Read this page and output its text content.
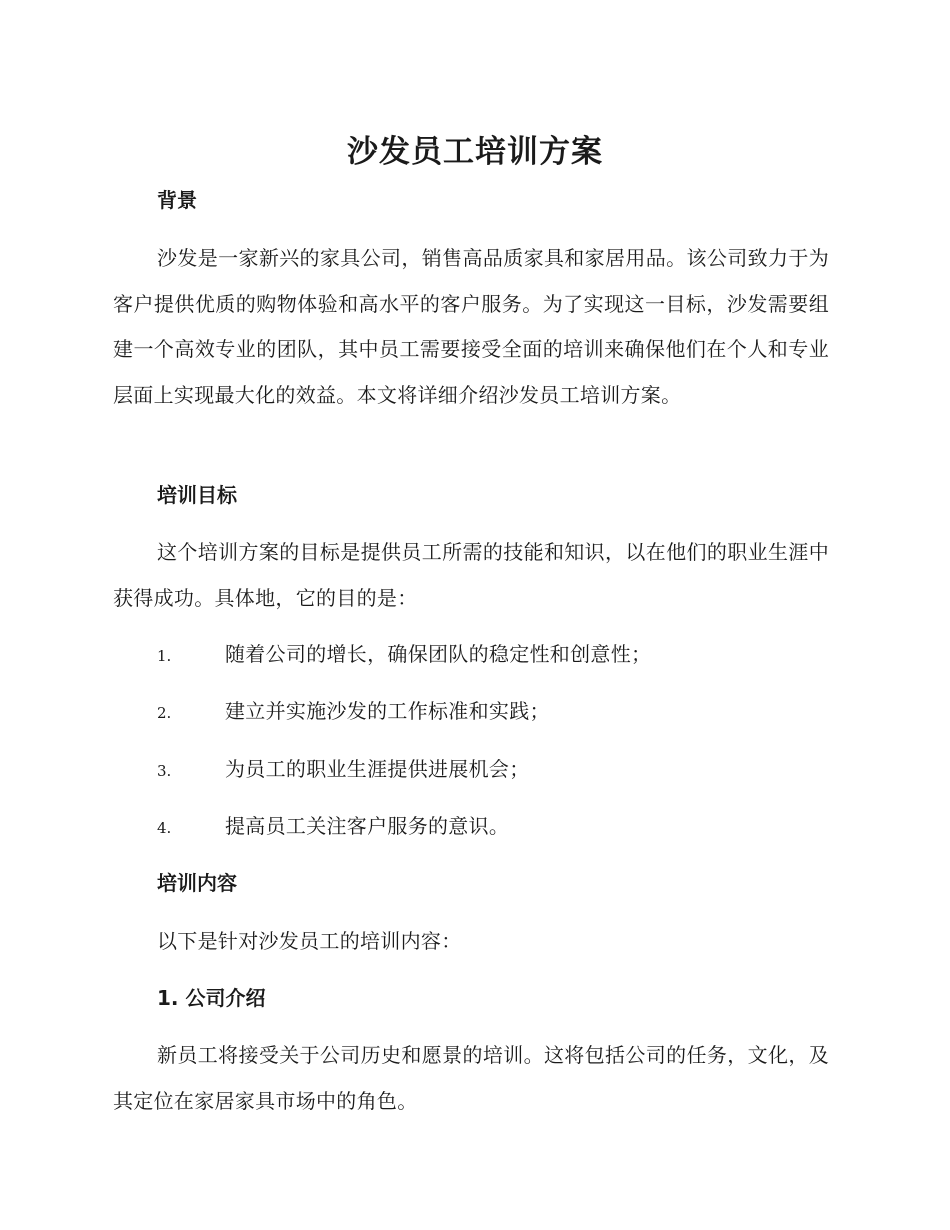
沙发员工培训方案
背景
沙发是一家新兴的家具公司，销售高品质家具和家居用品。该公司致力于为客户提供优质的购物体验和高水平的客户服务。为了实现这一目标，沙发需要组建一个高效专业的团队，其中员工需要接受全面的培训来确保他们在个人和专业层面上实现最大化的效益。本文将详细介绍沙发员工培训方案。
培训目标
这个培训方案的目标是提供员工所需的技能和知识，以在他们的职业生涯中获得成功。具体地，它的目的是：
1.	随着公司的增长，确保团队的稳定性和创意性；
2.	建立并实施沙发的工作标准和实践；
3.	为员工的职业生涯提供进展机会；
4.	提高员工关注客户服务的意识。
培训内容
以下是针对沙发员工的培训内容：
1. 公司介绍
新员工将接受关于公司历史和愿景的培训。这将包括公司的任务，文化，及其定位在家居家具市场中的角色。
